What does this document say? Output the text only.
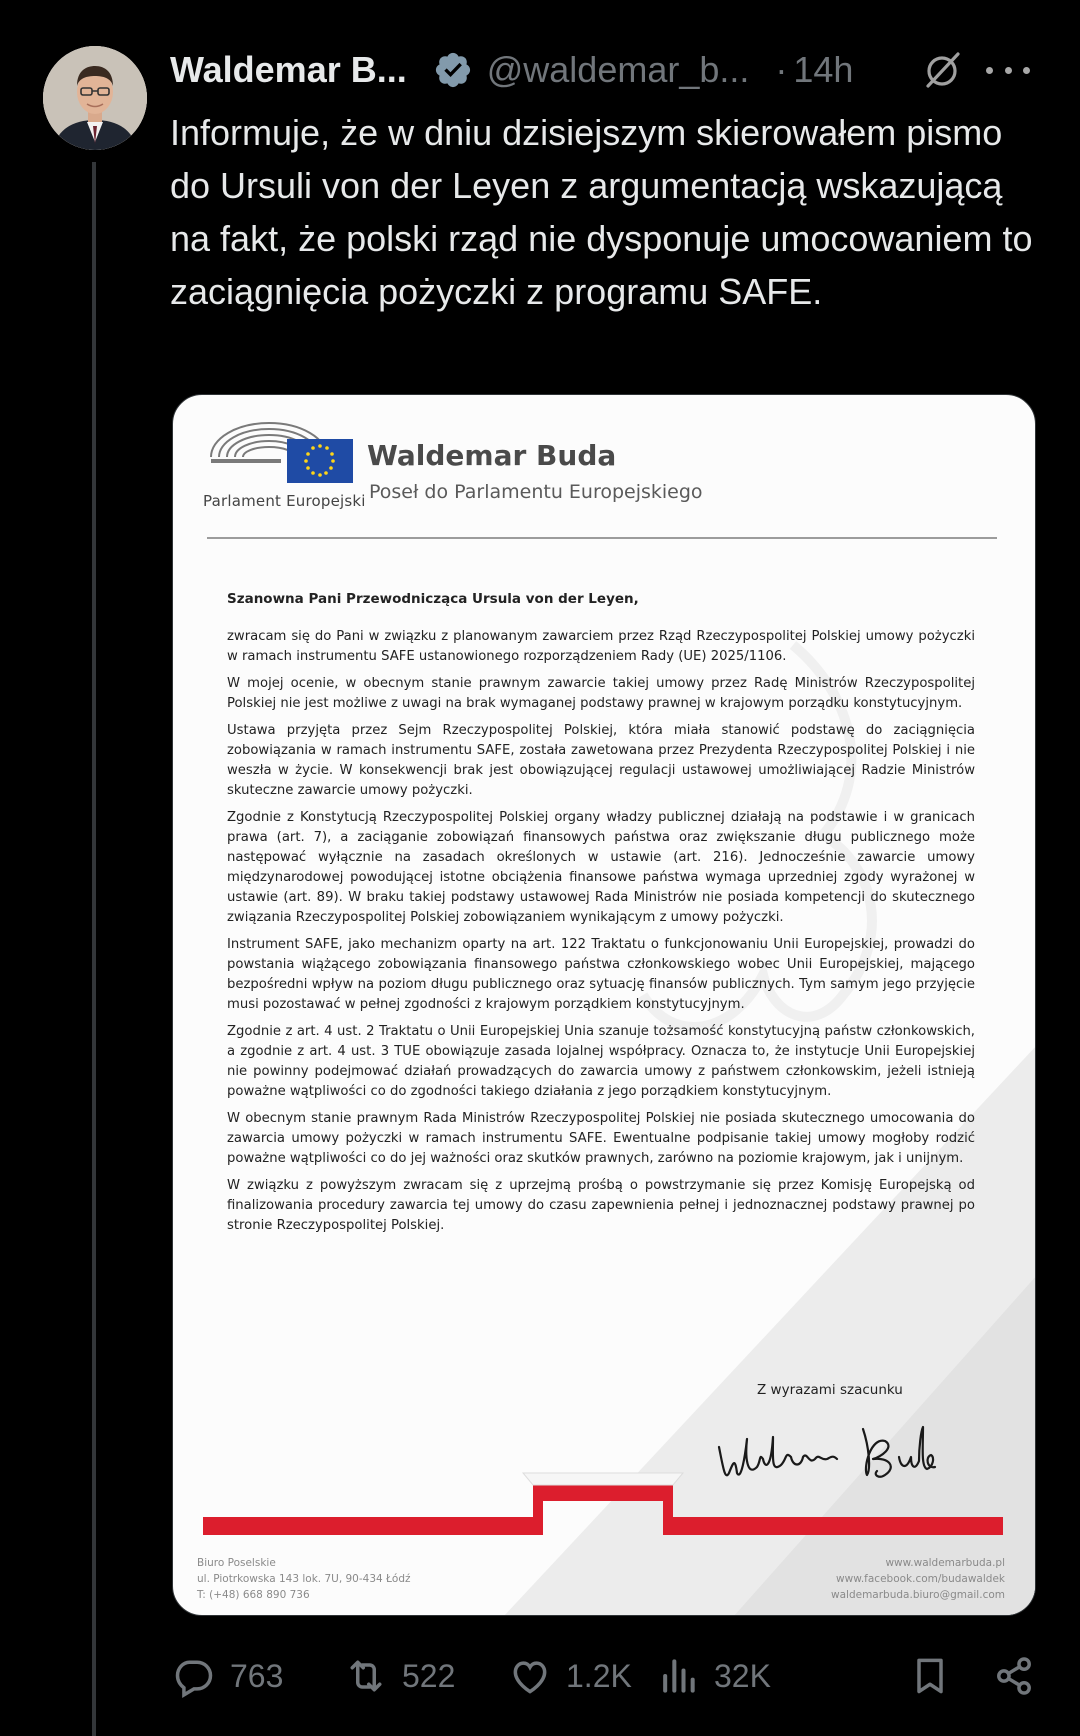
Waldemar B... @waldemar_b... · 14h
Informuje, że w dniu dzisiejszym skierowałem pismo do Ursuli von der Leyen z argumentacją wskazującą na fakt, że polski rząd nie dysponuje umocowaniem to zaciągnięcia pożyczki z programu SAFE.
Parlament Europejski
Waldemar Buda
Poseł do Parlamentu Europejskiego
Szanowna Pani Przewodnicząca Ursula von der Leyen,

zwracam się do Pani w związku z planowanym zawarciem przez Rząd Rzeczypospolitej Polskiej umowy pożyczki w ramach instrumentu SAFE ustanowionego rozporządzeniem Rady (UE) 2025/1106.

W mojej ocenie, w obecnym stanie prawnym zawarcie takiej umowy przez Radę Ministrów Rzeczypospolitej Polskiej nie jest możliwe z uwagi na brak wymaganej podstawy prawnej w krajowym porządku konstytucyjnym.

Ustawa przyjęta przez Sejm Rzeczypospolitej Polskiej, która miała stanowić podstawę do zaciągnięcia zobowiązania w ramach instrumentu SAFE, została zawetowana przez Prezydenta Rzeczypospolitej Polskiej i nie weszła w życie. W konsekwencji brak jest obowiązującej regulacji ustawowej umożliwiającej Radzie Ministrów skuteczne zawarcie umowy pożyczki.

Zgodnie z Konstytucją Rzeczypospolitej Polskiej organy władzy publicznej działają na podstawie i w granicach prawa (art. 7), a zaciąganie zobowiązań finansowych państwa oraz zwiększanie długu publicznego może następować wyłącznie na zasadach określonych w ustawie (art. 216). Jednocześnie zawarcie umowy międzynarodowej powodującej istotne obciążenia finansowe państwa wymaga uprzedniej zgody wyrażonej w ustawie (art. 89). W braku takiej podstawy ustawowej Rada Ministrów nie posiada kompetencji do skutecznego związania Rzeczypospolitej Polskiej zobowiązaniem wynikającym z umowy pożyczki.

Instrument SAFE, jako mechanizm oparty na art. 122 Traktatu o funkcjonowaniu Unii Europejskiej, prowadzi do powstania wiążącego zobowiązania finansowego państwa członkowskiego wobec Unii Europejskiej, mającego bezpośredni wpływ na poziom długu publicznego oraz sytuację finansów publicznych. Tym samym jego przyjęcie musi pozostawać w pełnej zgodności z krajowym porządkiem konstytucyjnym.

Zgodnie z art. 4 ust. 2 Traktatu o Unii Europejskiej Unia szanuje tożsamość konstytucyjną państw członkowskich, a zgodnie z art. 4 ust. 3 TUE obowiązuje zasada lojalnej współpracy. Oznacza to, że instytucje Unii Europejskiej nie powinny podejmować działań prowadzących do zawarcia umowy z państwem członkowskim, jeżeli istnieją poważne wątpliwości co do zgodności takiego działania z jego porządkiem konstytucyjnym.

W obecnym stanie prawnym Rada Ministrów Rzeczypospolitej Polskiej nie posiada skutecznego umocowania do zawarcia umowy pożyczki w ramach instrumentu SAFE. Ewentualne podpisanie takiej umowy mogłoby rodzić poważne wątpliwości co do jej ważności oraz skutków prawnych, zarówno na poziomie krajowym, jak i unijnym.

W związku z powyższym zwracam się z uprzejmą prośbą o powstrzymanie się przez Komisję Europejską od finalizowania procedury zawarcia tej umowy do czasu zapewnienia pełnej i jednoznacznej podstawy prawnej po stronie Rzeczypospolitej Polskiej.

Z wyrazami szacunku
Biuro Poselskie
ul. Piotrkowska 143 lok. 7U, 90-434 Łódź
T: (+48) 668 890 736
www.waldemarbuda.pl
www.facebook.com/budawaldek
waldemarbuda.biuro@gmail.com
763	522	1.2K	32K
